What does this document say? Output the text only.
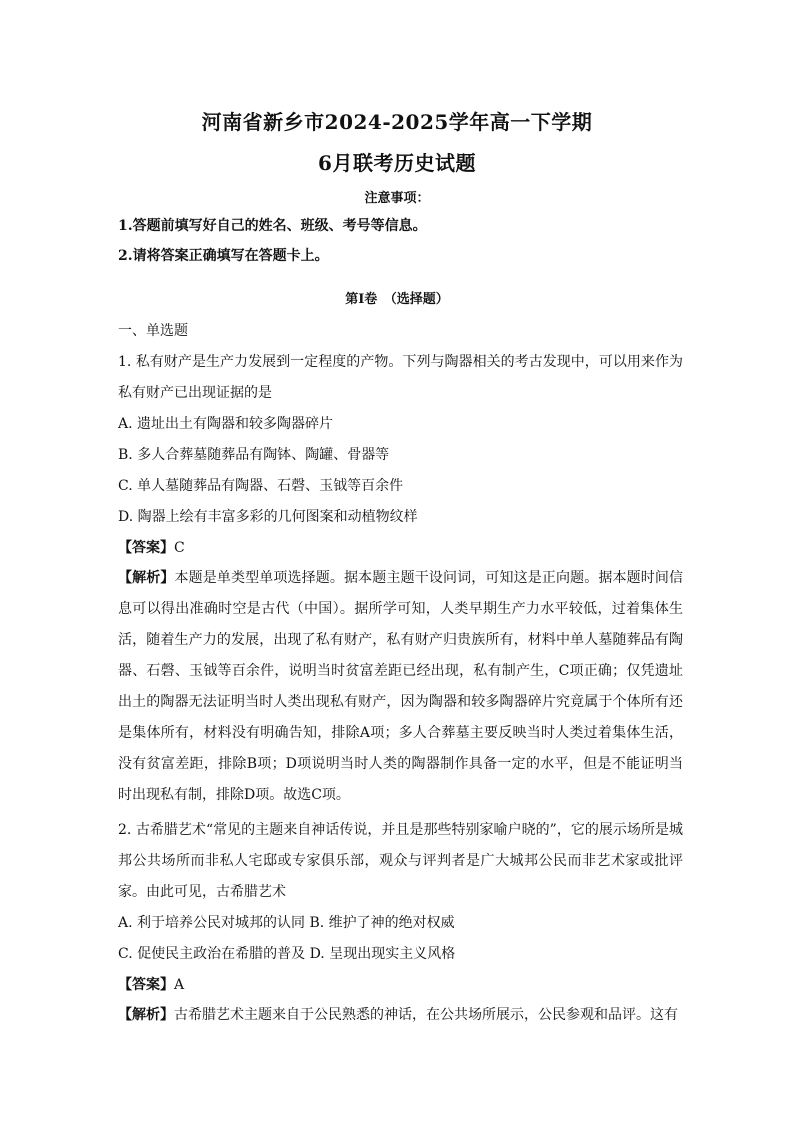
河南省新乡市2024-2025学年高一下学期
6月联考历史试题
注意事项：
1.答题前填写好自己的姓名、班级、考号等信息。
2.请将答案正确填写在答题卡上。
第Ⅰ卷　（选择题）
一、单选题

1. 私有财产是生产力发展到一定程度的产物。下列与陶器相关的考古发现中，可以用来作为私有财产已出现证据的是

A. 遗址出土有陶器和较多陶器碎片
B. 多人合葬墓随葬品有陶钵、陶罐、骨器等
C. 单人墓随葬品有陶器、石磬、玉钺等百余件
D. 陶器上绘有丰富多彩的几何图案和动植物纹样
【答案】C

【解析】本题是单类型单项选择题。据本题主题干设问词，可知这是正向题。据本题时间信息可以得出准确时空是古代（中国）。据所学可知，人类早期生产力水平较低，过着集体生活，随着生产力的发展，出现了私有财产，私有财产归贵族所有，材料中单人墓随葬品有陶器、石磬、玉钺等百余件，说明当时贫富差距已经出现，私有制产生，C项正确；仅凭遗址出土的陶器无法证明当时人类出现私有财产，因为陶器和较多陶器碎片究竟属于个体所有还是集体所有，材料没有明确告知，排除A项；多人合葬墓主要反映当时人类过着集体生活，没有贫富差距，排除B项；D项说明当时人类的陶器制作具备一定的水平，但是不能证明当时出现私有制，排除D项。故选C项。

2. 古希腊艺术“常见的主题来自神话传说，并且是那些特别家喻户晓的”，它的展示场所是城邦公共场所而非私人宅邸或专家俱乐部，观众与评判者是广大城邦公民而非艺术家或批评家。由此可见，古希腊艺术

A. 利于培养公民对城邦的认同 B. 维护了神的绝对权威
C. 促使民主政治在希腊的普及 D. 呈现出现实主义风格
【答案】A

【解析】古希腊艺术主题来自于公民熟悉的神话，在公共场所展示，公民参观和品评。这有
